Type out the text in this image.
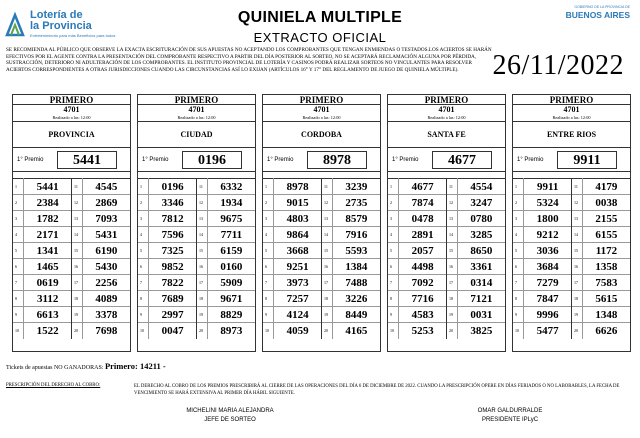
Lotería de
la Provincia
Entretenimiento para más Beneficios para todos
QUINIELA MULTIPLE
EXTRACTO OFICIAL
GOBIERNO DE LA PROVINCIA DE
BUENOS AIRES
SE RECOMIENDA AL PÚBLICO QUE OBSERVE LA EXACTA ESCRITURACIÓN DE SUS APUESTAS NO ACEPTANDO LOS COMPROBANTES QUE TENGAN ENMIENDAS O TESTADOS.LOS ACIERTOS SE HARÁN EFECTIVOS POR EL AGENTE CONTRA LA PRESENTACIÓN DEL COMPROBANTE RESPECTIVO A PARTIR DEL DÍA POSTERIOR AL SORTEO, NO SE ACEPTARÁ RECLAMACIÓN ALGUNA POR PÉRDIDA, SUSTRACCIÓN, DETERIORO NI ADULTERACIÓN DE LOS COMPROBANTES. EL INSTITUTO PROVINCIAL DE LOTERÍA Y CASINOS PODRÁ REALIZAR SORTEOS NO VINCULANTES PARA RESOLVER ACIERTOS CORRESPONDIENTES A OTRAS JURISDICCIONES CUANDO LAS CIRCUNSTANCIAS ASÍ LO EXIJAN (ARTÍCULOS 16° Y 17° DEL REGLAMENTO DE JUEGO DE QUINIELA MÚLTIPLE).	26/11/2022
PRIMERO
4701
Realizado a las: 12:00
PROVINCIA
1° Premio	5441
1	5441	11	4545
2	2384	12	2869
3	1782	13	7093
4	2171	14	5431
5	1341	15	6190
6	1465	16	5430
7	0619	17	2256
8	3112	18	4089
9	6613	19	3378
10	1522	20	7698
PRIMERO
4701
Realizado a las: 12:00
CIUDAD
1° Premio	0196
1	0196	11	6332
2	3346	12	1934
3	7812	13	9675
4	7596	14	7711
5	7325	15	6159
6	9852	16	0160
7	7822	17	5909
8	7689	18	9671
9	2997	19	8829
10	0047	20	8973
PRIMERO
4701
Realizado a las: 12:00
CORDOBA
1° Premio	8978
1	8978	11	3239
2	9015	12	2735
3	4803	13	8579
4	9864	14	7916
5	3668	15	5593
6	9251	16	1384
7	3973	17	7488
8	7257	18	3226
9	4124	19	8449
10	4059	20	4165
PRIMERO
4701
Realizado a las: 12:00
SANTA FE
1° Premio	4677
1	4677	11	4554
2	7874	12	3247
3	0478	13	0780
4	2891	14	3285
5	2057	15	8650
6	4498	16	3361
7	7092	17	0314
8	7716	18	7121
9	4583	19	0031
10	5253	20	3825
PRIMERO
4701
Realizado a las: 12:00
ENTRE RIOS
1° Premio	9911
1	9911	11	4179
2	5324	12	0038
3	1800	13	2155
4	9212	14	6155
5	3036	15	1172
6	3684	16	1358
7	7279	17	7583
8	7847	18	5615
9	9996	19	1348
10	5477	20	6626
Tickets de apuestas NO GANADORAS: Primero: 14211 -
PRESCRIPCIÓN DEL DERECHO AL COBRO:	EL DERECHO AL COBRO DE LOS PREMIOS PRESCRIBIRÁ AL CIERRE DE LAS OPERACIONES DEL DÍA 6 DE DICIEMBRE DE 2022. CUANDO LA PRESCRIPCIÓN OPERE EN DÍAS FERIADOS O NO LABORABLES, LA FECHA DE VENCIMIENTO SE HARÁ EXTENSIVA AL PRIMER DÍA HÁBIL SIGUIENTE.
MICHELINI MARIA ALEJANDRA
JEFE DE SORTEO
OMAR GALDURRALDE
PRESIDENTE IPLyC
